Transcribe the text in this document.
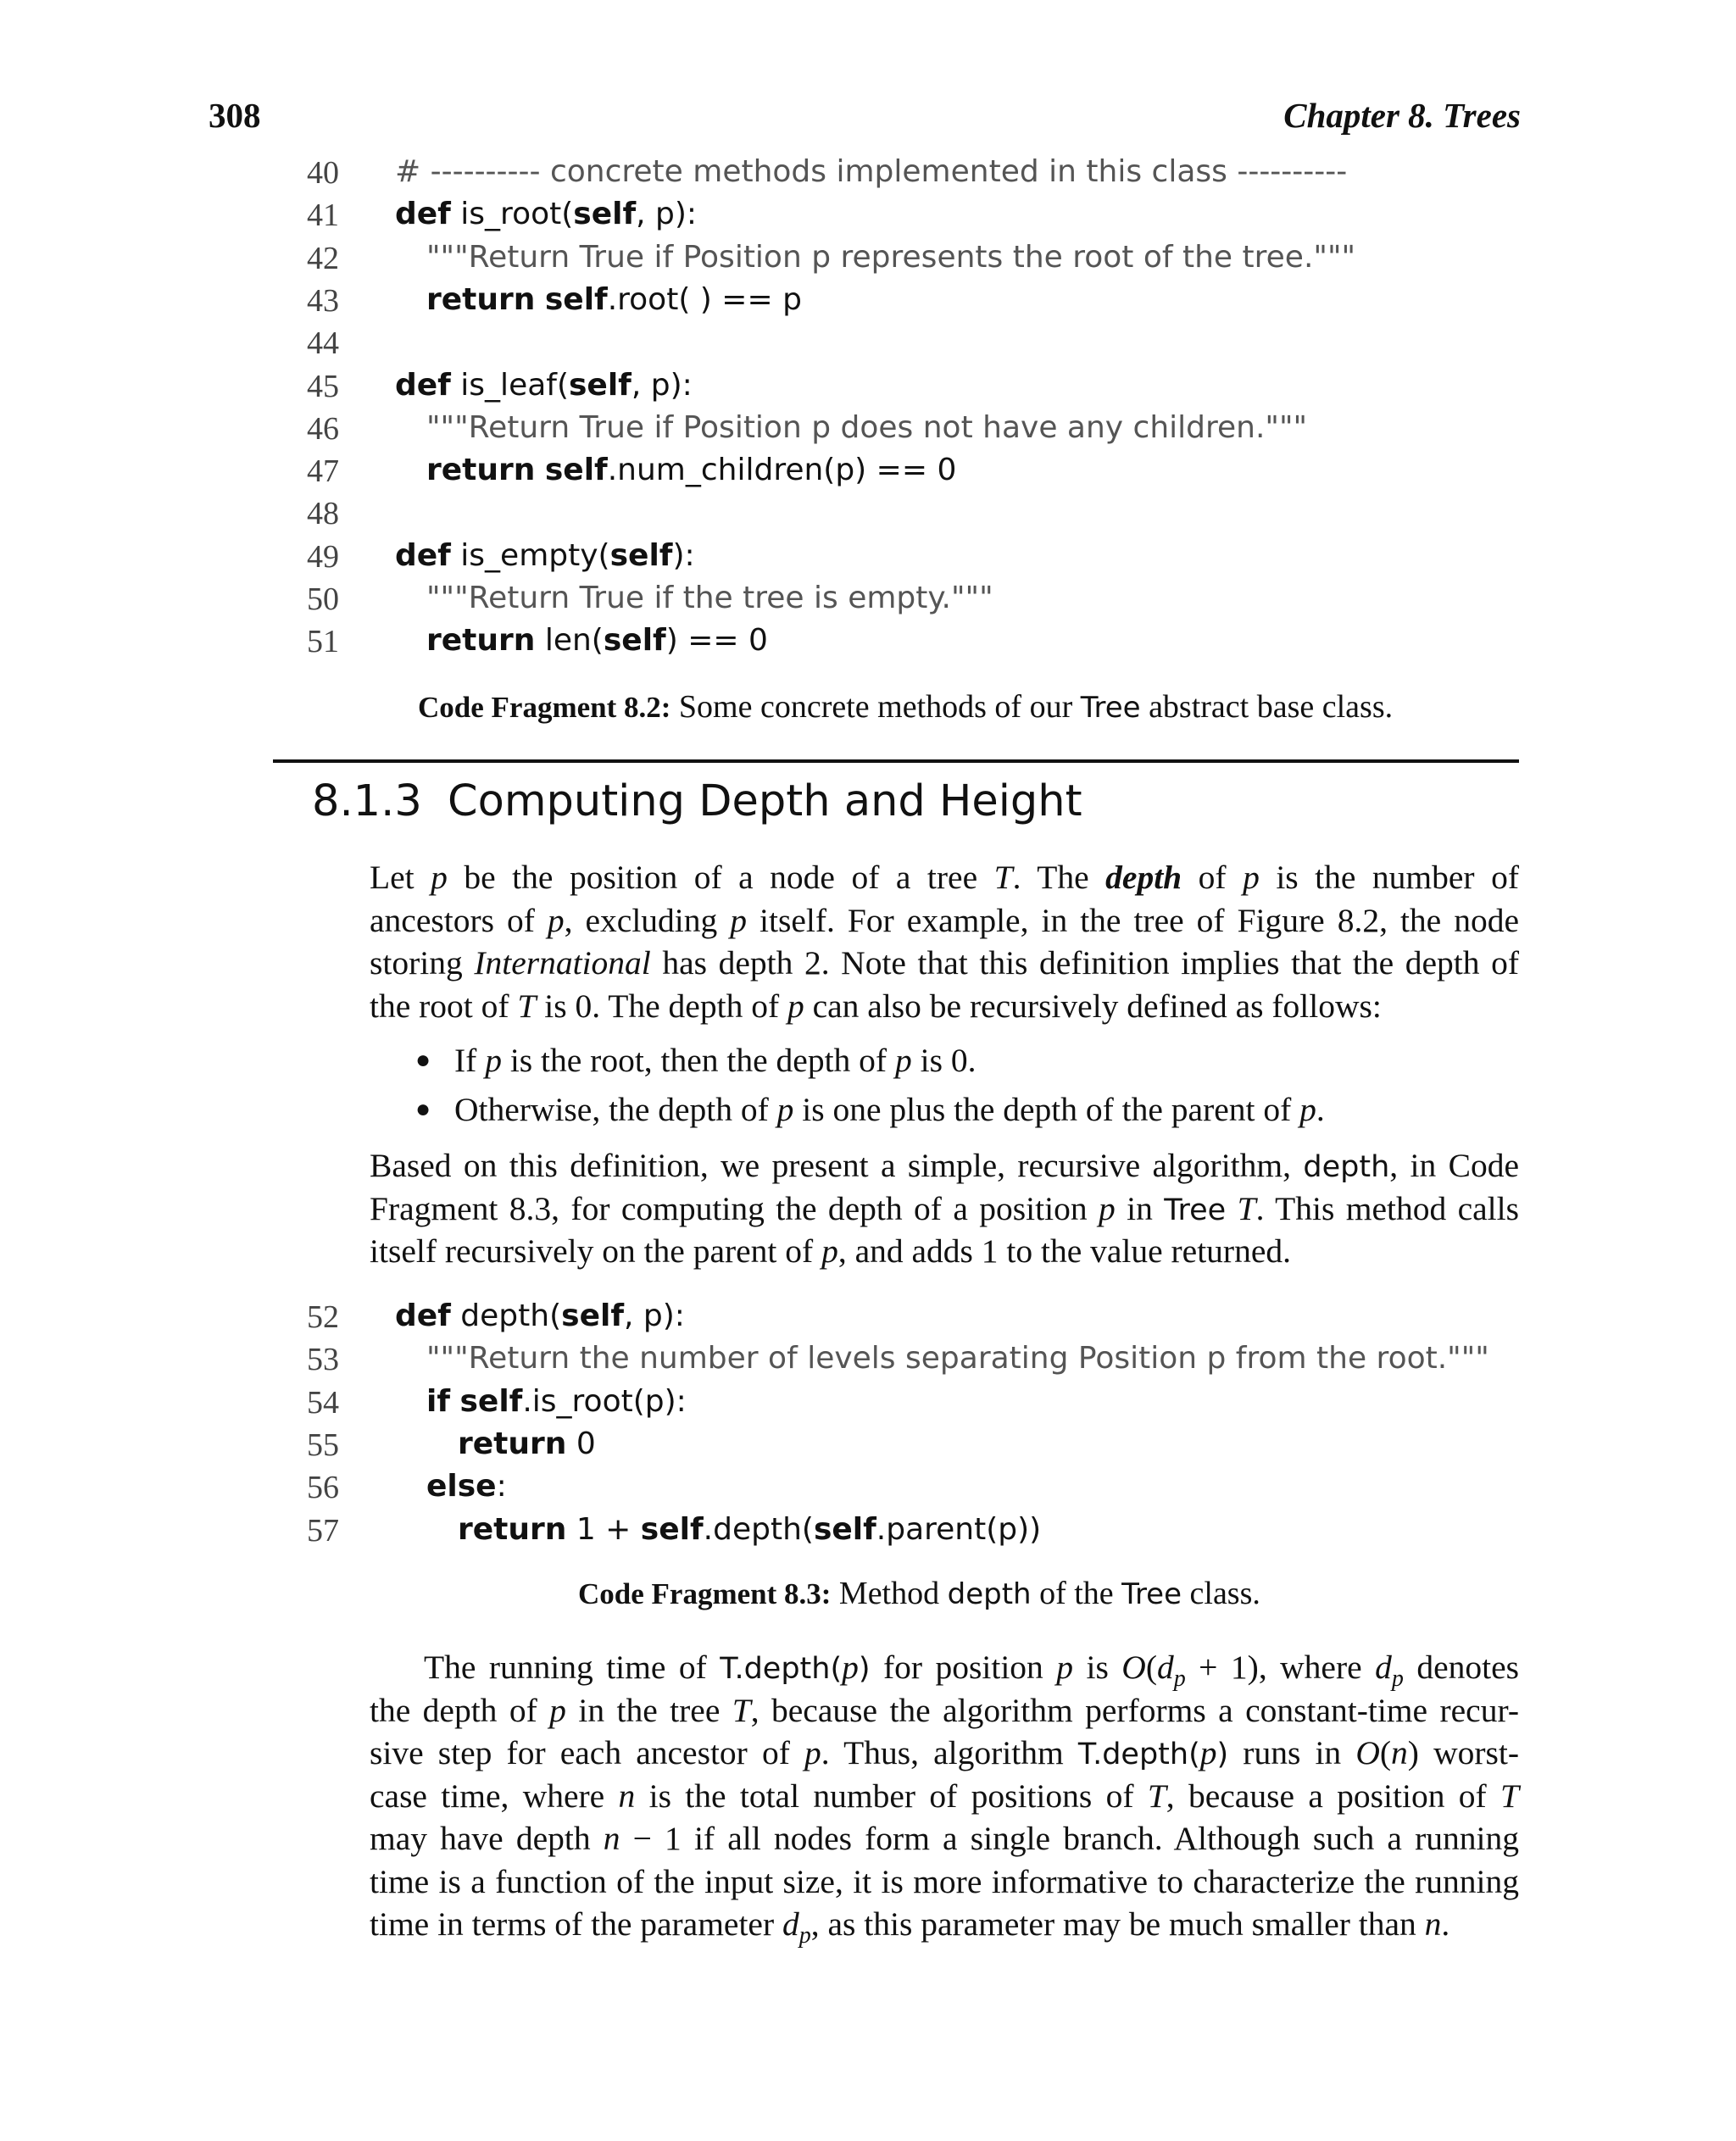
308	Chapter 8. Trees
40 # ---------- concrete methods implemented in this class ----------
41 def is_root(self, p):
42	"""Return True if Position p represents the root of the tree."""
43	return self.root( ) == p
44
45 def is_leaf(self, p):
46	"""Return True if Position p does not have any children."""
47	return self.num_children(p) == 0
48
49 def is_empty(self):
50	"""Return True if the tree is empty."""
51	return len(self) == 0
Code Fragment 8.2: Some concrete methods of our Tree abstract base class.
8.1.3 Computing Depth and Height
Let p be the position of a node of a tree T. The depth of p is the number of
ancestors of p, excluding p itself. For example, in the tree of Figure 8.2, the node
storing International has depth 2. Note that this definition implies that the depth of
the root of T is 0. The depth of p can also be recursively defined as follows:
● If p is the root, then the depth of p is 0.
● Otherwise, the depth of p is one plus the depth of the parent of p.
Based on this definition, we present a simple, recursive algorithm, depth, in Code
Fragment 8.3, for computing the depth of a position p in Tree T. This method calls
itself recursively on the parent of p, and adds 1 to the value returned.
52 def depth(self, p):
53	"""Return the number of levels separating Position p from the root."""
54	if self.is_root(p):
55	return 0
56	else:
57	return 1 + self.depth(self.parent(p))
Code Fragment 8.3: Method depth of the Tree class.
The running time of T.depth(p) for position p is $O(d_p + 1)$, where $d_p$ denotes
the depth of p in the tree T, because the algorithm performs a constant-time recur-
sive step for each ancestor of p. Thus, algorithm T.depth(p) runs in O(n) worst-
case time, where n is the total number of positions of T, because a position of T
may have depth n − 1 if all nodes form a single branch. Although such a running
time is a function of the input size, it is more informative to characterize the running
time in terms of the parameter $d_p$, as this parameter may be much smaller than n.
